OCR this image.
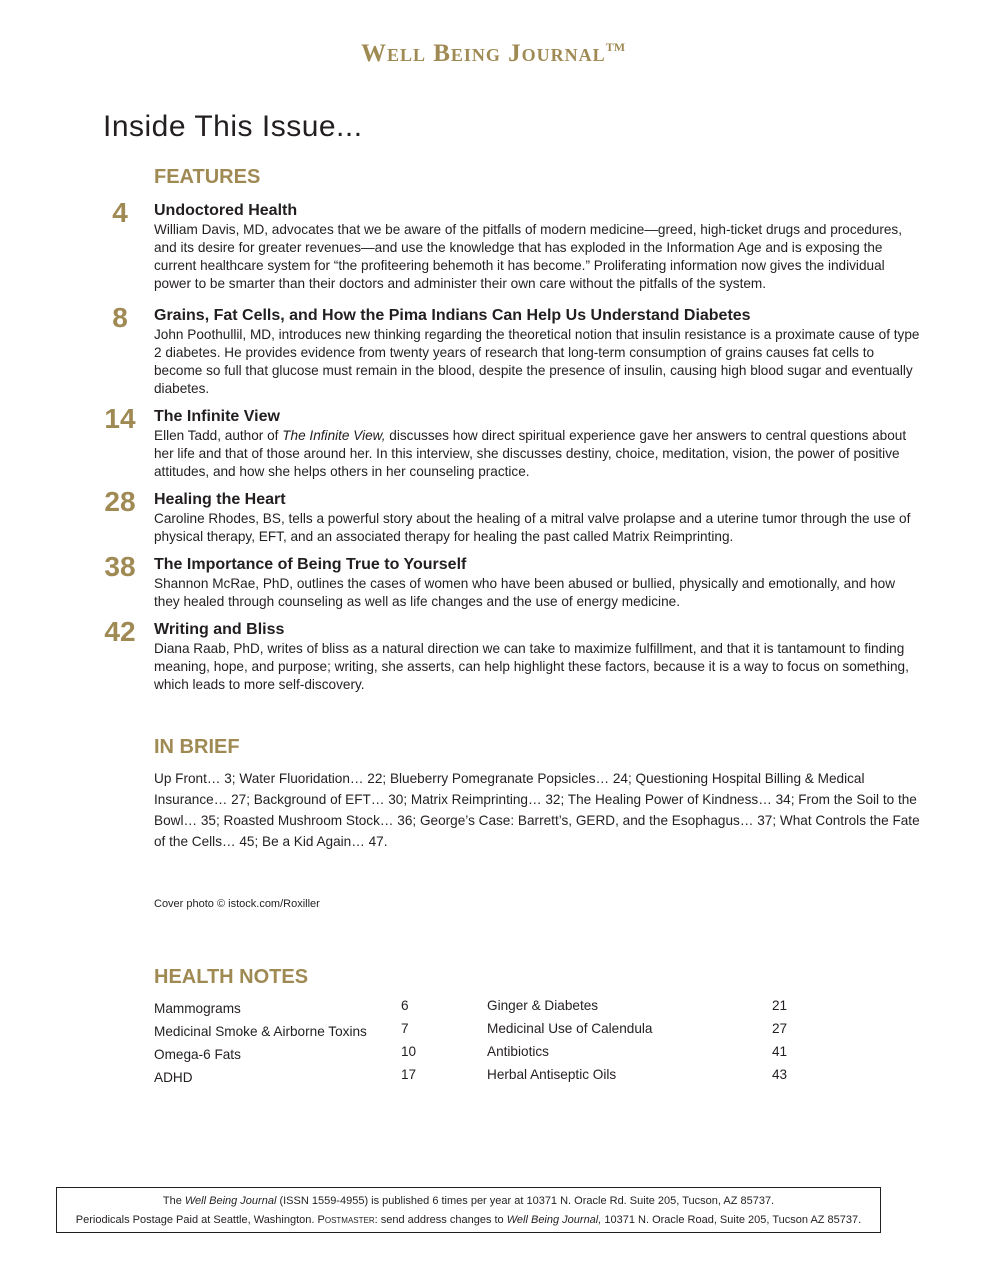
Well Being Journal™
Inside This Issue...
FEATURES
4	Undoctored Health
William Davis, MD, advocates that we be aware of the pitfalls of modern medicine—greed, high-ticket drugs and procedures, and its desire for greater revenues—and use the knowledge that has exploded in the Information Age and is exposing the current healthcare system for “the profiteering behemoth it has become.” Proliferating information now gives the individual power to be smarter than their doctors and administer their own care without the pitfalls of the system.
8	Grains, Fat Cells, and How the Pima Indians Can Help Us Understand Diabetes
John Poothullil, MD, introduces new thinking regarding the theoretical notion that insulin resistance is a proximate cause of type 2 diabetes. He provides evidence from twenty years of research that long-term consumption of grains causes fat cells to become so full that glucose must remain in the blood, despite the presence of insulin, causing high blood sugar and eventually diabetes.
14	The Infinite View
Ellen Tadd, author of The Infinite View, discusses how direct spiritual experience gave her answers to central questions about her life and that of those around her. In this interview, she discusses destiny, choice, meditation, vision, the power of positive attitudes, and how she helps others in her counseling practice.
28	Healing the Heart
Caroline Rhodes, BS, tells a powerful story about the healing of a mitral valve prolapse and a uterine tumor through the use of physical therapy, EFT, and an associated therapy for healing the past called Matrix Reimprinting.
38	The Importance of Being True to Yourself
Shannon McRae, PhD, outlines the cases of women who have been abused or bullied, physically and emotionally, and how they healed through counseling as well as life changes and the use of energy medicine.
42	Writing and Bliss
Diana Raab, PhD, writes of bliss as a natural direction we can take to maximize fulfillment, and that it is tantamount to finding meaning, hope, and purpose; writing, she asserts, can help highlight these factors, because it is a way to focus on something, which leads to more self-discovery.
IN BRIEF
Up Front… 3; Water Fluoridation… 22; Blueberry Pomegranate Popsicles… 24; Questioning Hospital Billing & Medical Insurance… 27; Background of EFT… 30; Matrix Reimprinting… 32; The Healing Power of Kindness… 34; From the Soil to the Bowl… 35; Roasted Mushroom Stock… 36; George’s Case: Barrett’s, GERD, and the Esophagus… 37; What Controls the Fate of the Cells… 45; Be a Kid Again… 47.
Cover photo © istock.com/Roxiller
HEALTH NOTES
Mammograms	6
Medicinal Smoke & Airborne Toxins	7
Omega-6 Fats	10
ADHD	17
Ginger & Diabetes	21
Medicinal Use of Calendula	27
Antibiotics	41
Herbal Antiseptic Oils	43
The Well Being Journal (ISSN 1559-4955) is published 6 times per year at 10371 N. Oracle Rd. Suite 205, Tucson, AZ 85737.
Periodicals Postage Paid at Seattle, Washington. Postmaster: send address changes to Well Being Journal, 10371 N. Oracle Road, Suite 205, Tucson AZ 85737.
